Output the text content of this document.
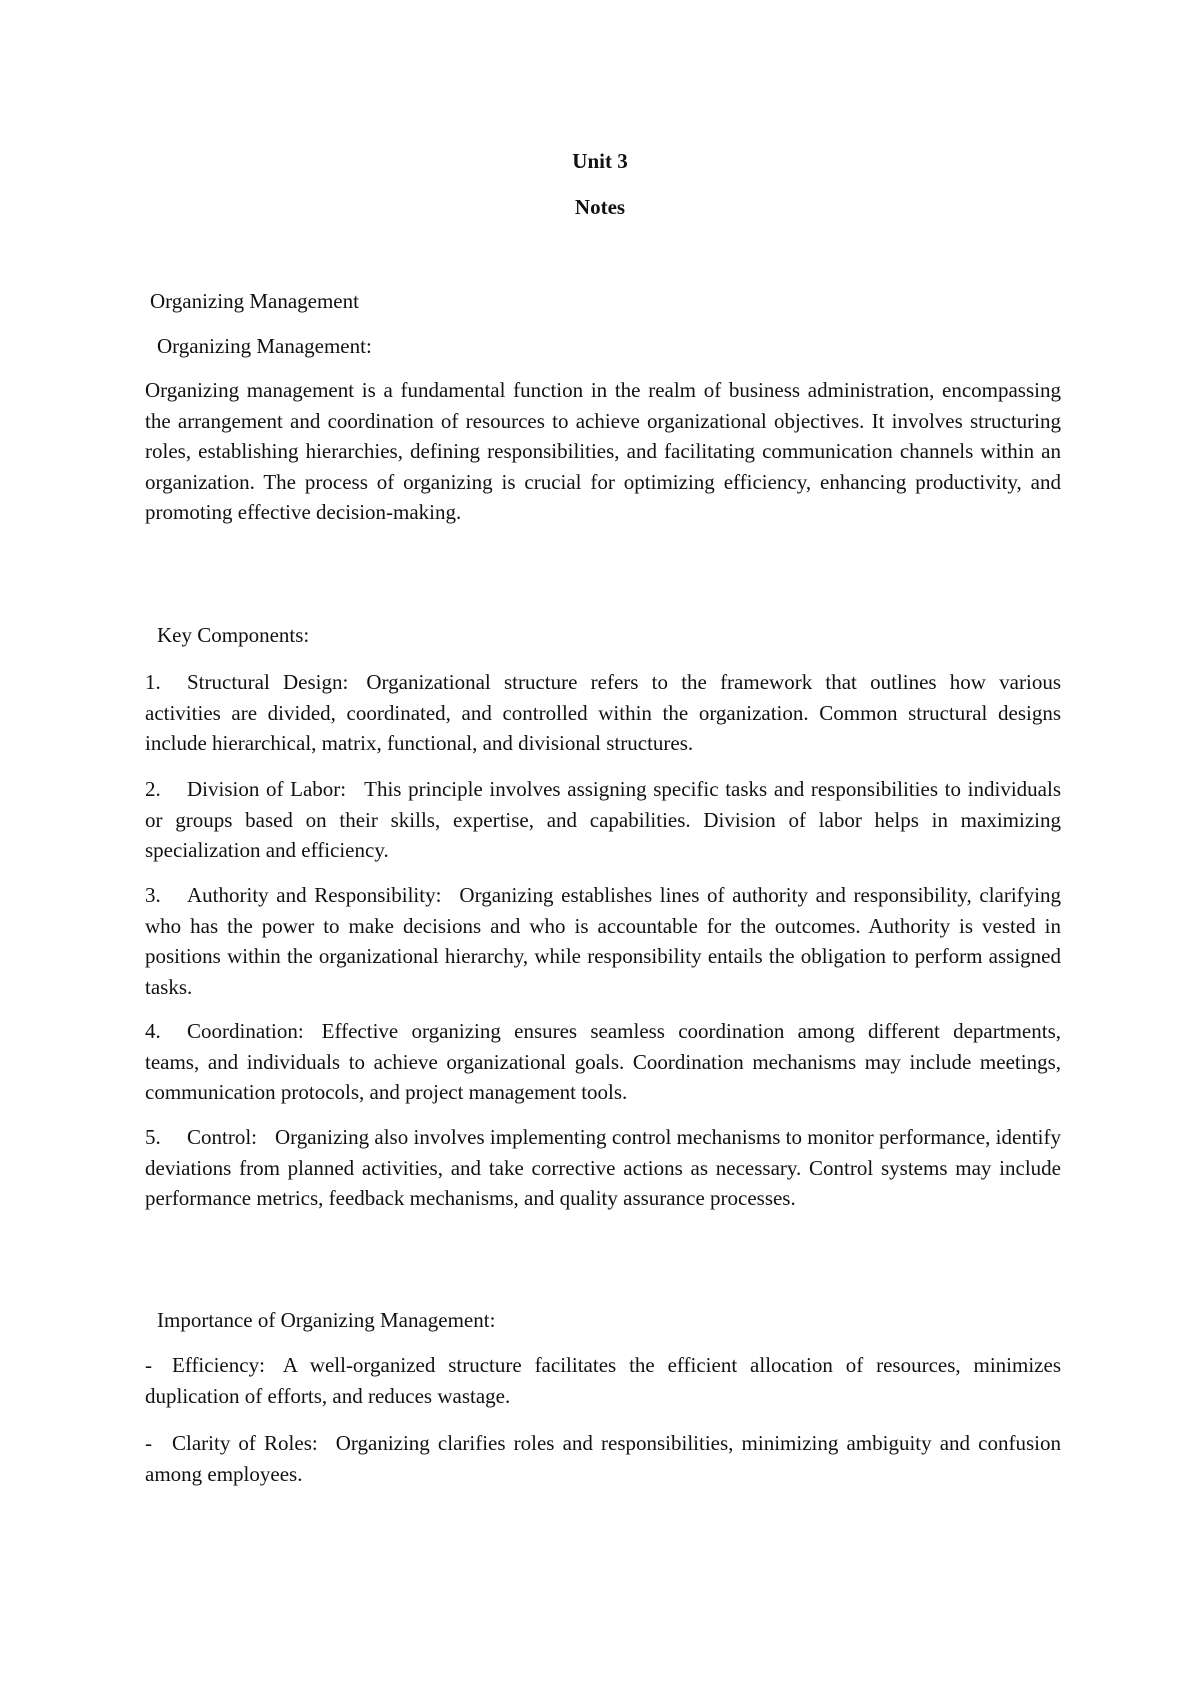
Unit 3
Notes
Organizing Management
Organizing Management:
Organizing management is a fundamental function in the realm of business administration, encompassing the arrangement and coordination of resources to achieve organizational objectives. It involves structuring roles, establishing hierarchies, defining responsibilities, and facilitating communication channels within an organization. The process of organizing is crucial for optimizing efficiency, enhancing productivity, and promoting effective decision-making.
Key Components:
1. Structural Design: Organizational structure refers to the framework that outlines how various activities are divided, coordinated, and controlled within the organization. Common structural designs include hierarchical, matrix, functional, and divisional structures.
2. Division of Labor: This principle involves assigning specific tasks and responsibilities to individuals or groups based on their skills, expertise, and capabilities. Division of labor helps in maximizing specialization and efficiency.
3. Authority and Responsibility: Organizing establishes lines of authority and responsibility, clarifying who has the power to make decisions and who is accountable for the outcomes. Authority is vested in positions within the organizational hierarchy, while responsibility entails the obligation to perform assigned tasks.
4. Coordination: Effective organizing ensures seamless coordination among different departments, teams, and individuals to achieve organizational goals. Coordination mechanisms may include meetings, communication protocols, and project management tools.
5. Control: Organizing also involves implementing control mechanisms to monitor performance, identify deviations from planned activities, and take corrective actions as necessary. Control systems may include performance metrics, feedback mechanisms, and quality assurance processes.
Importance of Organizing Management:
- Efficiency: A well-organized structure facilitates the efficient allocation of resources, minimizes duplication of efforts, and reduces wastage.
- Clarity of Roles: Organizing clarifies roles and responsibilities, minimizing ambiguity and confusion among employees.
